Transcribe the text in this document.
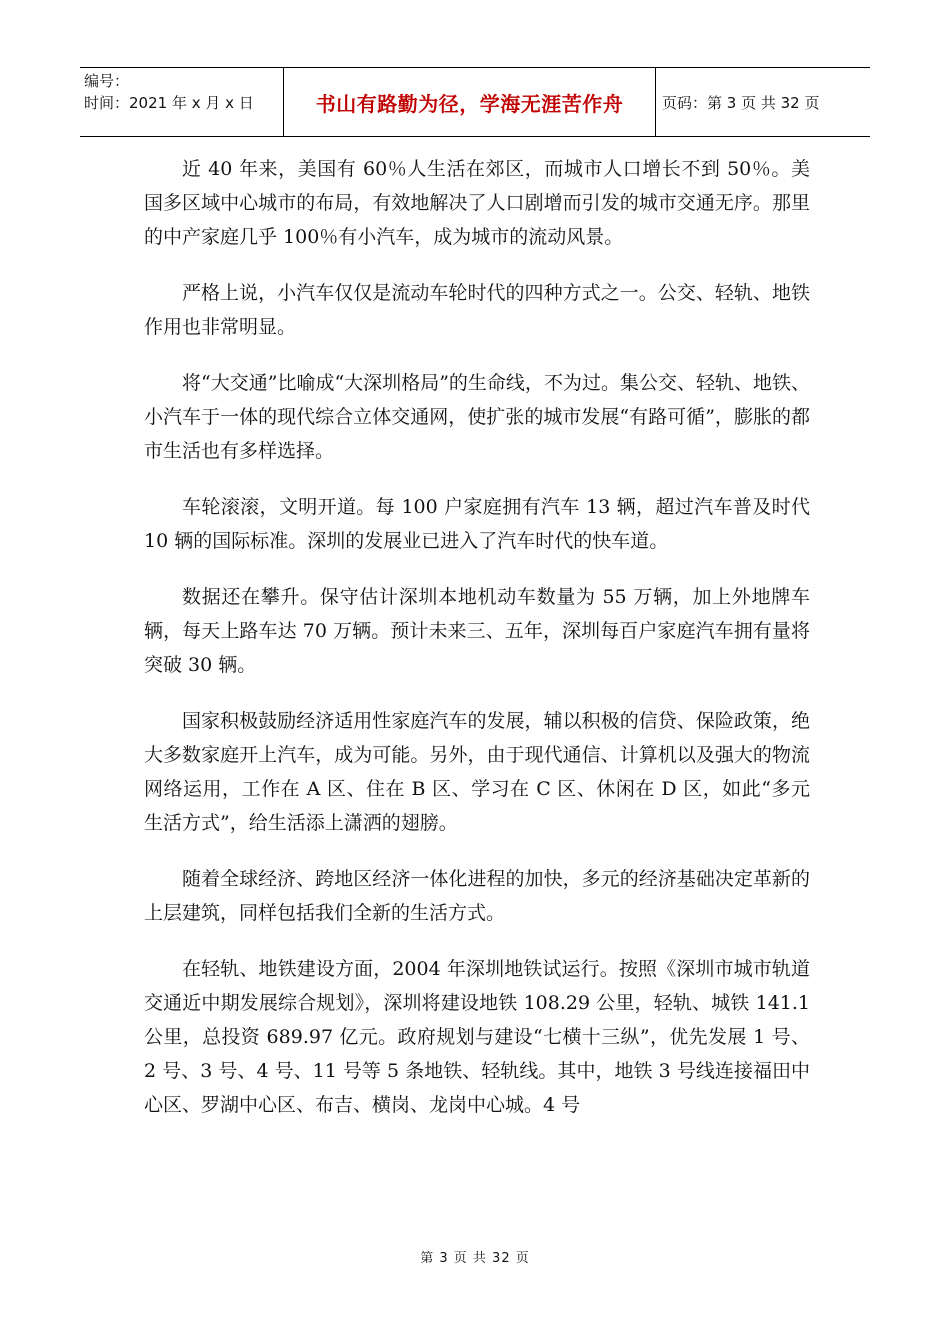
编号：
时间：2021 年 x 月 x 日	书山有路勤为径，学海无涯苦作舟	页码：第 3 页 共 32 页

近 40 年来，美国有 60％人生活在郊区，而城市人口增长不到 50％。美国多区域中心城市的布局，有效地解决了人口剧增而引发的城市交通无序。那里的中产家庭几乎 100％有小汽车，成为城市的流动风景。

严格上说，小汽车仅仅是流动车轮时代的四种方式之一。公交、轻轨、地铁作用也非常明显。

将“大交通”比喻成“大深圳格局”的生命线，不为过。集公交、轻轨、地铁、小汽车于一体的现代综合立体交通网，使扩张的城市发展“有路可循”，膨胀的都市生活也有多样选择。

车轮滚滚，文明开道。每 100 户家庭拥有汽车 13 辆，超过汽车普及时代 10 辆的国际标准。深圳的发展业已进入了汽车时代的快车道。

数据还在攀升。保守估计深圳本地机动车数量为 55 万辆，加上外地牌车辆，每天上路车达 70 万辆。预计未来三、五年，深圳每百户家庭汽车拥有量将突破 30 辆。

国家积极鼓励经济适用性家庭汽车的发展，辅以积极的信贷、保险政策，绝大多数家庭开上汽车，成为可能。另外，由于现代通信、计算机以及强大的物流网络运用，工作在 A 区、住在 B 区、学习在 C 区、休闲在 D 区，如此“多元生活方式”，给生活添上潇洒的翅膀。

随着全球经济、跨地区经济一体化进程的加快，多元的经济基础决定革新的上层建筑，同样包括我们全新的生活方式。

在轻轨、地铁建设方面，2004 年深圳地铁试运行。按照《深圳市城市轨道交通近中期发展综合规划》，深圳将建设地铁 108.29 公里，轻轨、城铁 141.1 公里，总投资 689.97 亿元。政府规划与建设“七横十三纵”，优先发展 1 号、2 号、3 号、4 号、11 号等 5 条地铁、轻轨线。其中，地铁 3 号线连接福田中心区、罗湖中心区、布吉、横岗、龙岗中心城。4 号

第 3 页 共 32 页
